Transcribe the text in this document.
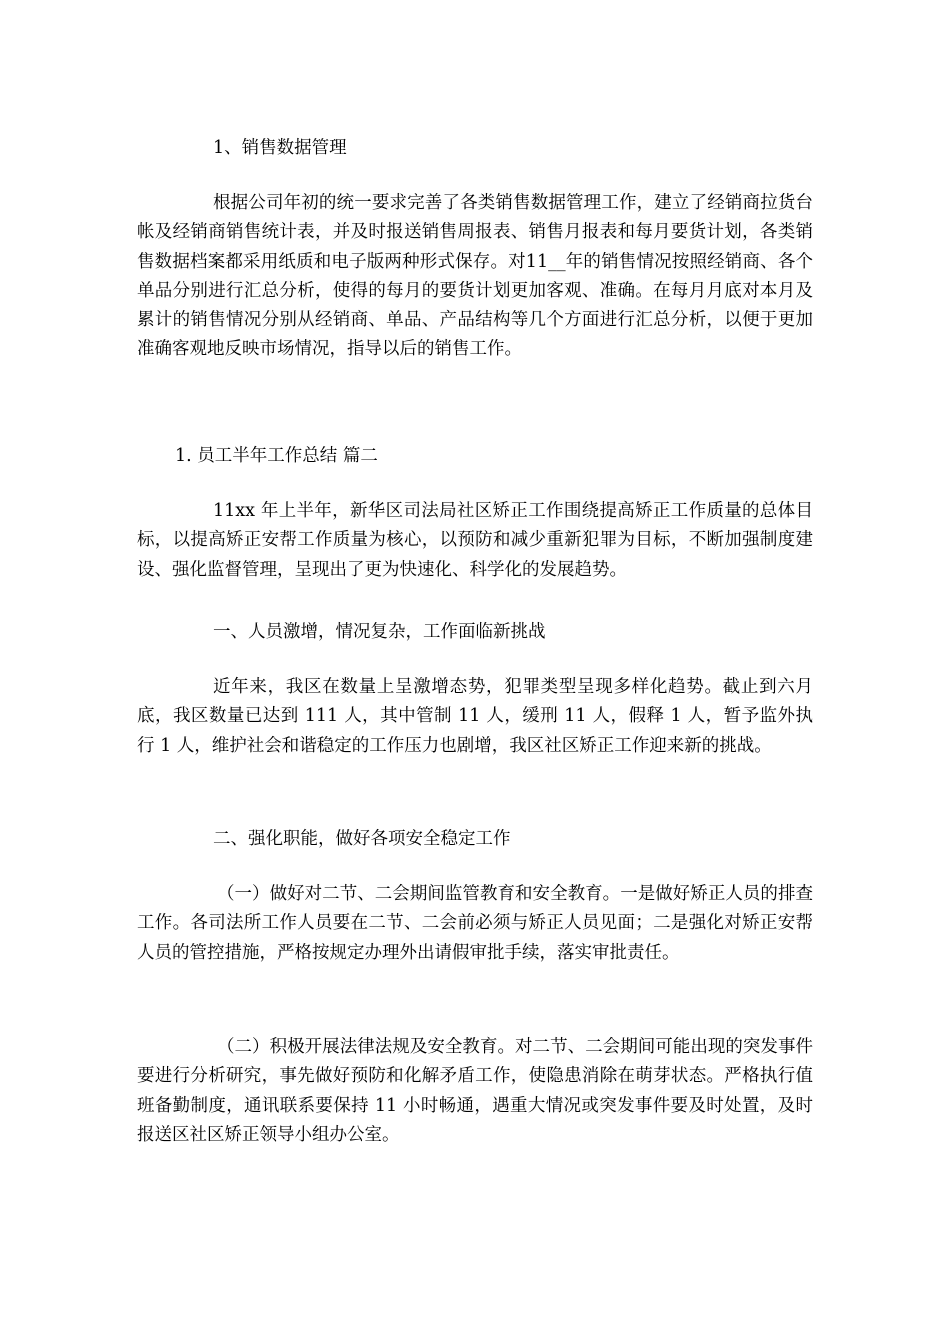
1、销售数据管理

根据公司年初的统一要求完善了各类销售数据管理工作，建立了经销商拉货台帐及经销商销售统计表，并及时报送销售周报表、销售月报表和每月要货计划，各类销售数据档案都采用纸质和电子版两种形式保存。对11__年的销售情况按照经销商、各个单品分别进行汇总分析，使得的每月的要货计划更加客观、准确。在每月月底对本月及累计的销售情况分别从经销商、单品、产品结构等几个方面进行汇总分析，以便于更加准确客观地反映市场情况，指导以后的销售工作。

1. 员工半年工作总结 篇二

11xx 年上半年，新华区司法局社区矫正工作围绕提高矫正工作质量的总体目标，以提高矫正安帮工作质量为核心，以预防和减少重新犯罪为目标，不断加强制度建设、强化监督管理，呈现出了更为快速化、科学化的发展趋势。

一、人员激增，情况复杂，工作面临新挑战

近年来，我区在数量上呈激增态势，犯罪类型呈现多样化趋势。截止到六月底，我区数量已达到 111 人，其中管制 11 人，缓刑 11 人，假释 1 人，暂予监外执行 1 人，维护社会和谐稳定的工作压力也剧增，我区社区矫正工作迎来新的挑战。

二、强化职能，做好各项安全稳定工作

（一）做好对二节、二会期间监管教育和安全教育。一是做好矫正人员的排查工作。各司法所工作人员要在二节、二会前必须与矫正人员见面；二是强化对矫正安帮人员的管控措施，严格按规定办理外出请假审批手续，落实审批责任。

（二）积极开展法律法规及安全教育。对二节、二会期间可能出现的突发事件要进行分析研究，事先做好预防和化解矛盾工作，使隐患消除在萌芽状态。严格执行值班备勤制度，通讯联系要保持 11 小时畅通，遇重大情况或突发事件要及时处置，及时报送区社区矫正领导小组办公室。
